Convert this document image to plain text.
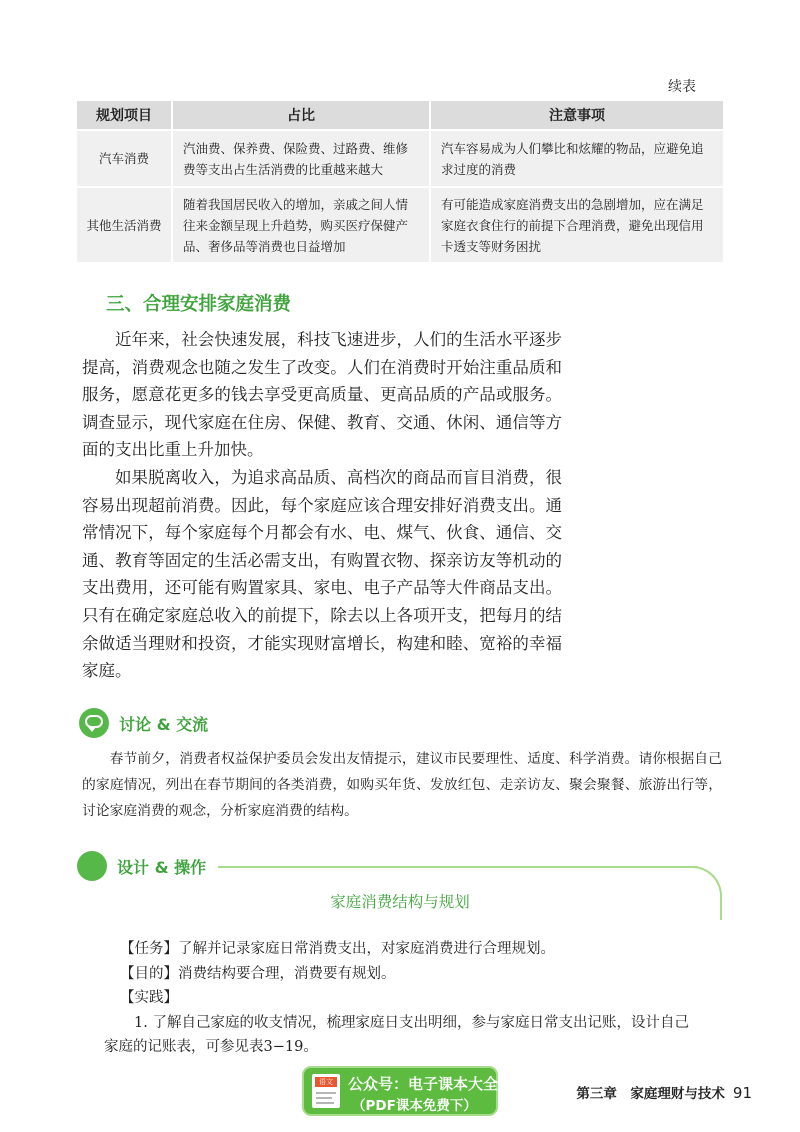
续表
规划项目	占比	注意事项
汽车消费	汽油费、保养费、保险费、过路费、维修费等支出占生活消费的比重越来越大	汽车容易成为人们攀比和炫耀的物品，应避免追求过度的消费
其他生活消费	随着我国居民收入的增加，亲戚之间人情往来金额呈现上升趋势，购买医疗保健产品、奢侈品等消费也日益增加	有可能造成家庭消费支出的急剧增加，应在满足家庭衣食住行的前提下合理消费，避免出现信用卡透支等财务困扰
三、合理安排家庭消费

近年来，社会快速发展，科技飞速进步，人们的生活水平逐步提高，消费观念也随之发生了改变。人们在消费时开始注重品质和服务，愿意花更多的钱去享受更高质量、更高品质的产品或服务。调查显示，现代家庭在住房、保健、教育、交通、休闲、通信等方面的支出比重上升加快。

如果脱离收入，为追求高品质、高档次的商品而盲目消费，很容易出现超前消费。因此，每个家庭应该合理安排好消费支出。通常情况下，每个家庭每个月都会有水、电、煤气、伙食、通信、交通、教育等固定的生活必需支出，有购置衣物、探亲访友等机动的支出费用，还可能有购置家具、家电、电子产品等大件商品支出。只有在确定家庭总收入的前提下，除去以上各项开支，把每月的结余做适当理财和投资，才能实现财富增长，构建和睦、宽裕的幸福家庭。

讨论 & 交流

春节前夕，消费者权益保护委员会发出友情提示，建议市民要理性、适度、科学消费。请你根据自己的家庭情况，列出在春节期间的各类消费，如购买年货、发放红包、走亲访友、聚会聚餐、旅游出行等，讨论家庭消费的观念，分析家庭消费的结构。

设计 & 操作
家庭消费结构与规划
【任务】了解并记录家庭日常消费支出，对家庭消费进行合理规划。
【目的】消费结构要合理，消费要有规划。
【实践】
1. 了解自己家庭的收支情况，梳理家庭日支出明细，参与家庭日常支出记账，设计自己
家庭的记账表，可参见表3−19。
语文 公众号：电子课本大全
（PDF课本免费下）
第三章　家庭理财与技术 91
